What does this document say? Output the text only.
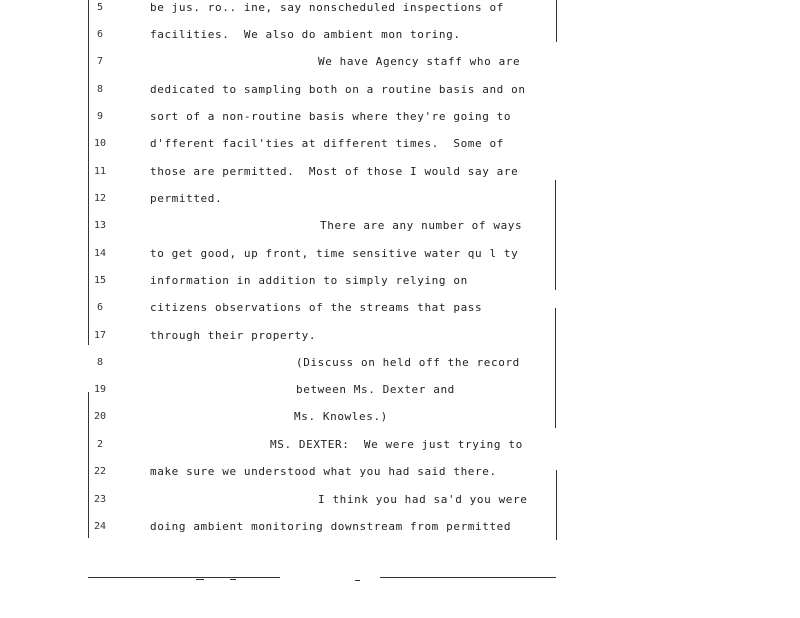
5	be jus. ro.. ine, say nonscheduled inspections of
6	facilities.  We also do ambient mon toring.
7	We have Agency staff who are
8	dedicated to sampling both on a routine basis and on
9	sort of a non-routine basis where they're going to
10	d'fferent facil'ties at different times.  Some of
11	those are permitted.  Most of those I would say are
12	permitted.
13	There are any number of ways
14	to get good, up front, time sensitive water qu l ty
15	information in addition to simply relying on
6	citizens observations of the streams that pass
17	through their property.
8	(Discuss on held off the record
19	between Ms. Dexter and
20	Ms. Knowles.)
2	MS. DEXTER:  We were just trying to
22	make sure we understood what you had said there.
23	I think you had sa'd you were
24	doing ambient monitoring downstream from permitted
